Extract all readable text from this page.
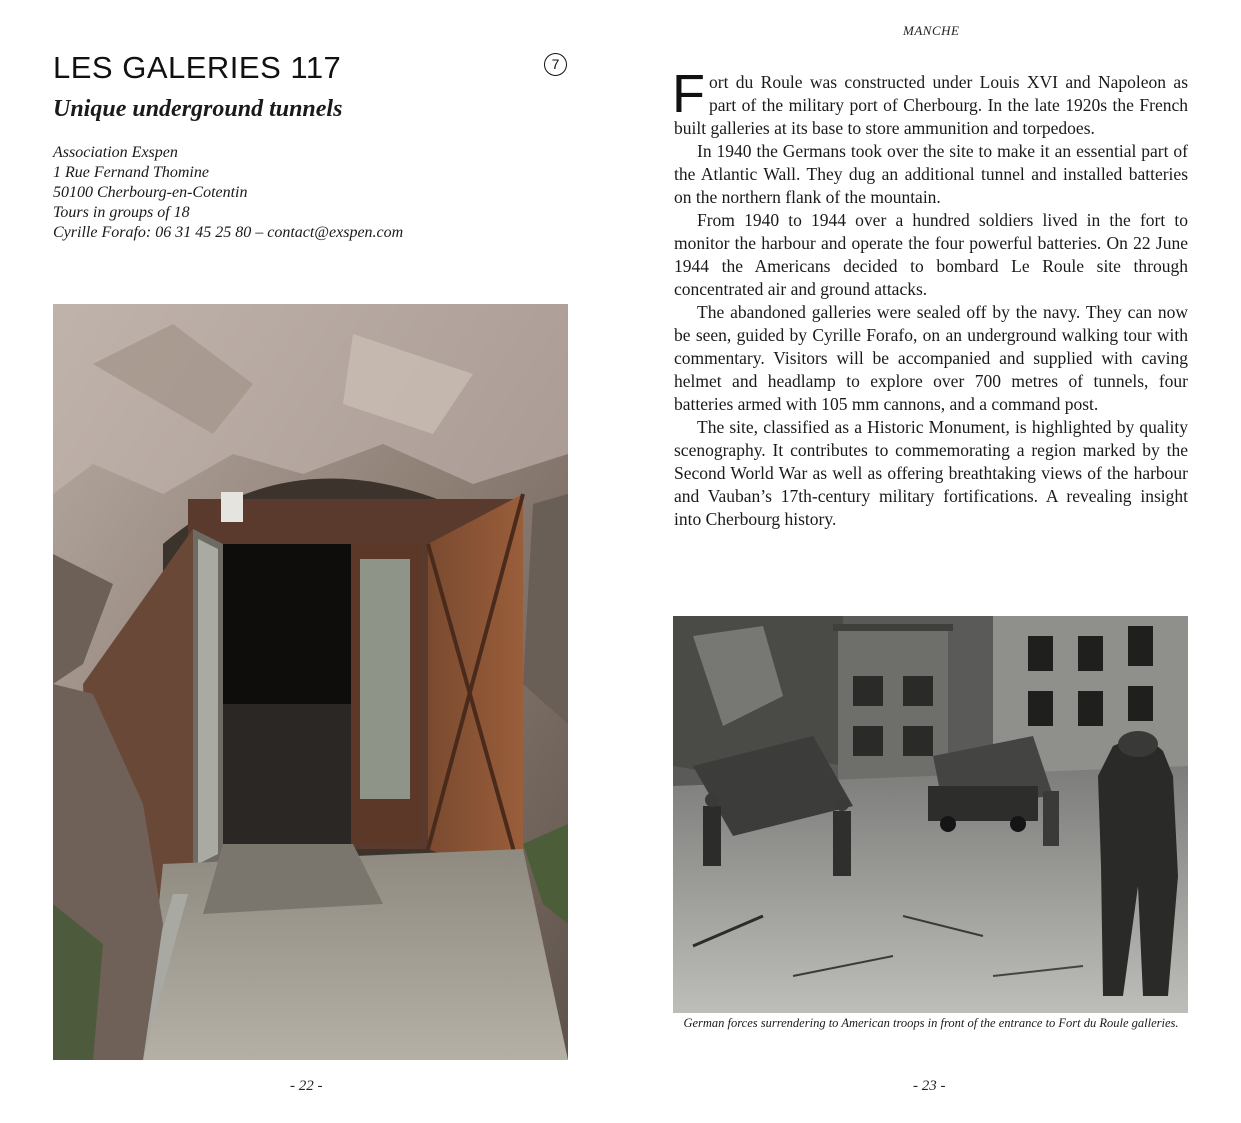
LES GALERIES 117	7
Unique underground tunnels
Association Exspen
1 Rue Fernand Thomine
50100 Cherbourg-en-Cotentin
Tours in groups of 18
Cyrille Forafo: 06 31 45 25 80 – contact@exspen.com
- 22 -
MANCHE

Fort du Roule was constructed under Louis XVI and Napoleon as part of the military port of Cherbourg. In the late 1920s the French built galleries at its base to store ammunition and torpedoes.

In 1940 the Germans took over the site to make it an essential part of the Atlantic Wall. They dug an additional tunnel and installed batteries on the northern flank of the mountain.

From 1940 to 1944 over a hundred soldiers lived in the fort to monitor the harbour and operate the four powerful batteries. On 22 June 1944 the Americans decided to bombard Le Roule site through concentrated air and ground attacks.

The abandoned galleries were sealed off by the navy. They can now be seen, guided by Cyrille Forafo, on an underground walking tour with commentary. Visitors will be accompanied and supplied with caving helmet and headlamp to explore over 700 metres of tunnels, four batteries armed with 105 mm cannons, and a command post.

The site, classified as a Historic Monument, is highlighted by quality scenography. It contributes to commemorating a region marked by the Second World War as well as offering breathtaking views of the harbour and Vauban’s 17th-century military fortifications. A revealing insight into Cherbourg history.

German forces surrendering to American troops in front of the entrance to Fort du Roule galleries.
- 23 -
